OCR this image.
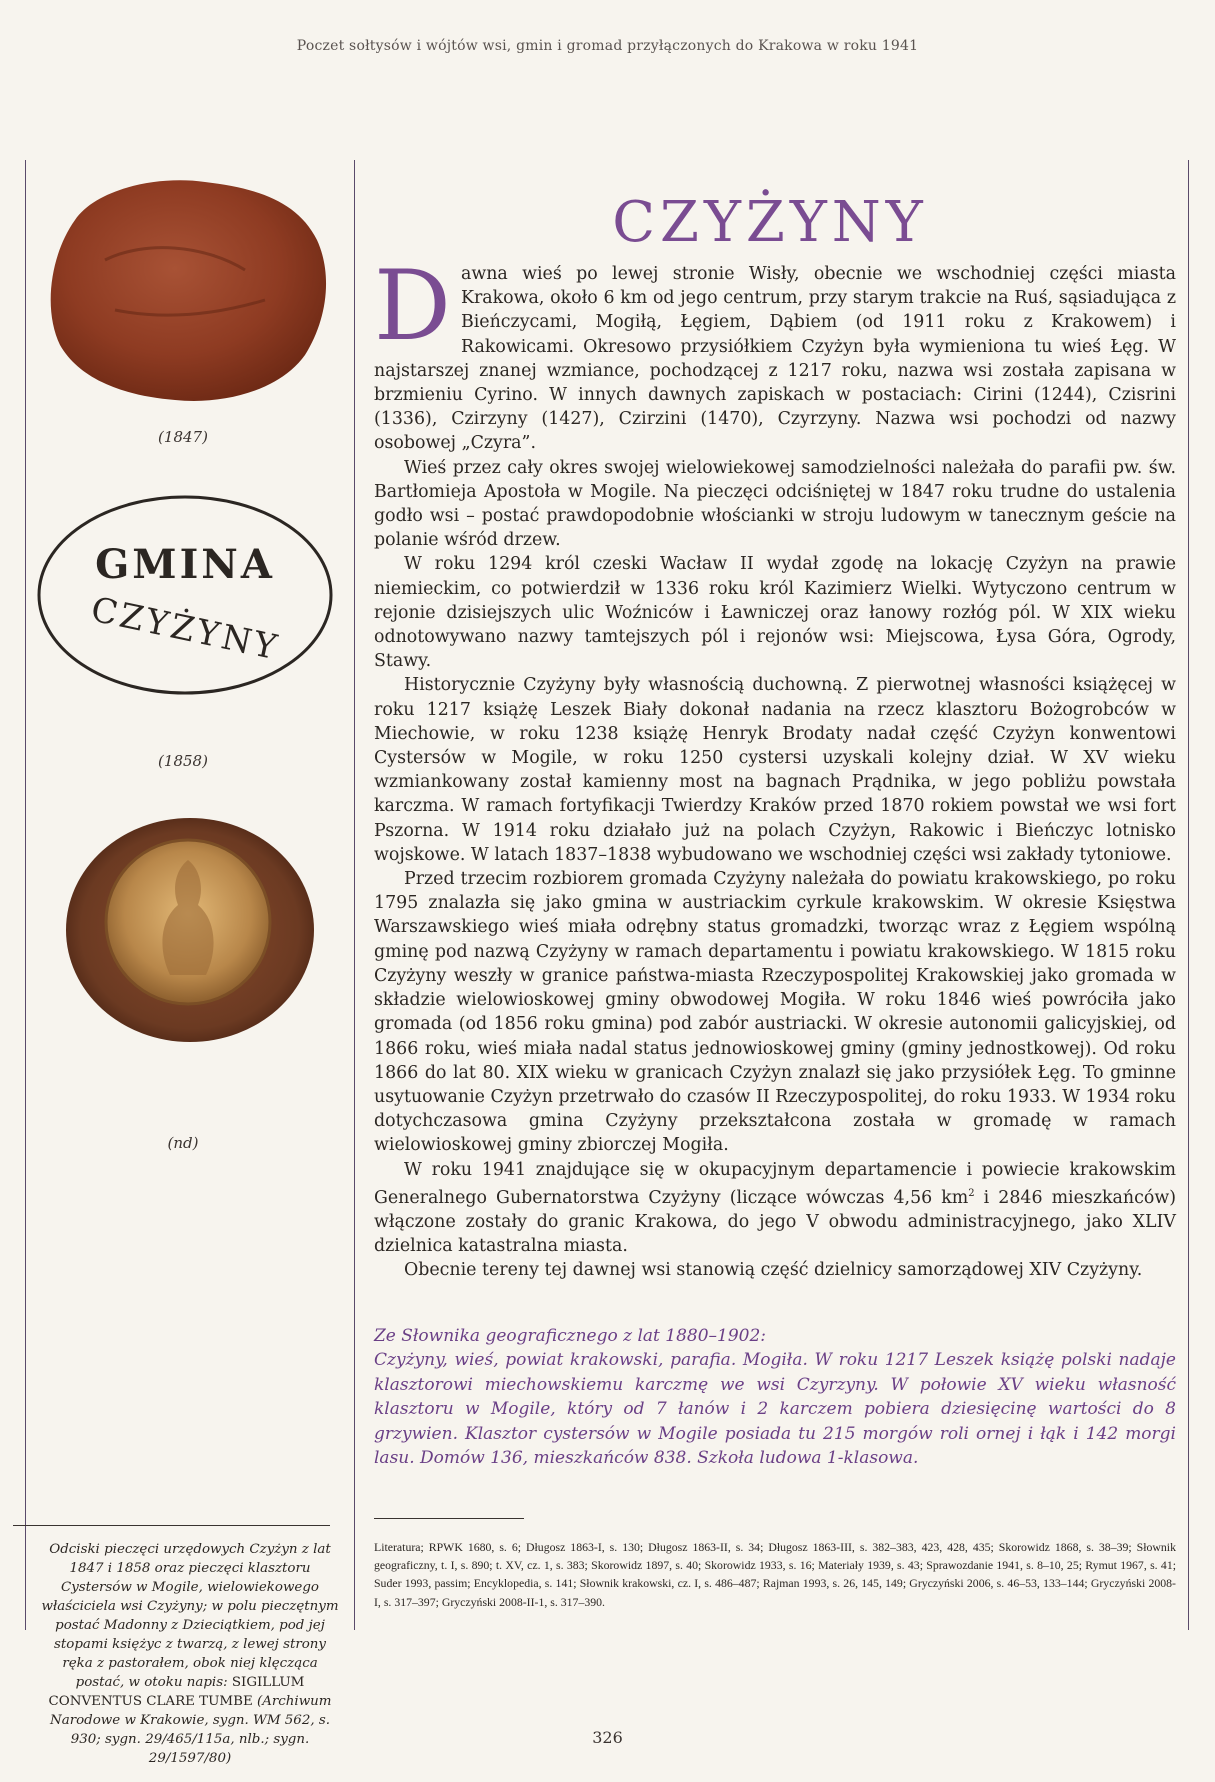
Poczet sołtysów i wójtów wsi, gmin i gromad przyłączonych do Krakowa w roku 1941
(1847)
GMINA
CZYŻYNY
(1858)
(nd)
Odciski pieczęci urzędowych Czyżyn z lat 1847 i 1858 oraz pieczęci klasztoru Cystersów w Mogile, wielowiekowego właściciela wsi Czyżyny; w polu pieczętnym postać Madonny z Dzieciątkiem, pod jej stopami księżyc z twarzą, z lewej strony ręka z pastorałem, obok niej klęcząca postać, w otoku napis: SIGILLUM CONVENTUS CLARE TUMBE (Archiwum Narodowe w Krakowie, sygn. WM 562, s. 930; sygn. 29/465/115a, nlb.; sygn. 29/1597/80)
CZYŻYNY

Dawna wieś po lewej stronie Wisły, obecnie we wschodniej części miasta Krakowa, około 6 km od jego centrum, przy starym trakcie na Ruś, sąsiadująca z Bieńczycami, Mogiłą, Łęgiem, Dąbiem (od 1911 roku z Krakowem) i Rakowicami. Okresowo przysiółkiem Czyżyn była wymieniona tu wieś Łęg. W najstarszej znanej wzmiance, pochodzącej z 1217 roku, nazwa wsi została zapisana w brzmieniu Cyrino. W innych dawnych zapiskach w postaciach: Cirini (1244), Czisrini (1336), Czirzyny (1427), Czirzini (1470), Czyrzyny. Nazwa wsi pochodzi od nazwy osobowej „Czyra”.

Wieś przez cały okres swojej wielowiekowej samodzielności należała do parafii pw. św. Bartłomieja Apostoła w Mogile. Na pieczęci odciśniętej w 1847 roku trudne do ustalenia godło wsi – postać prawdopodobnie włościanki w stroju ludowym w tanecznym geście na polanie wśród drzew.

W roku 1294 król czeski Wacław II wydał zgodę na lokację Czyżyn na prawie niemieckim, co potwierdził w 1336 roku król Kazimierz Wielki. Wytyczono centrum w rejonie dzisiejszych ulic Woźniców i Ławniczej oraz łanowy rozłóg pól. W XIX wieku odnotowywano nazwy tamtejszych pól i rejonów wsi: Miejscowa, Łysa Góra, Ogrody, Stawy.

Historycznie Czyżyny były własnością duchowną. Z pierwotnej własności książęcej w roku 1217 książę Leszek Biały dokonał nadania na rzecz klasztoru Bożogrobców w Miechowie, w roku 1238 książę Henryk Brodaty nadał część Czyżyn konwentowi Cystersów w Mogile, w roku 1250 cystersi uzyskali kolejny dział. W XV wieku wzmiankowany został kamienny most na bagnach Prądnika, w jego pobliżu powstała karczma. W ramach fortyfikacji Twierdzy Kraków przed 1870 rokiem powstał we wsi fort Pszorna. W 1914 roku działało już na polach Czyżyn, Rakowic i Bieńczyc lotnisko wojskowe. W latach 1837–1838 wybudowano we wschodniej części wsi zakłady tytoniowe.

Przed trzecim rozbiorem gromada Czyżyny należała do powiatu krakowskiego, po roku 1795 znalazła się jako gmina w austriackim cyrkule krakowskim. W okresie Księstwa Warszawskiego wieś miała odrębny status gromadzki, tworząc wraz z Łęgiem wspólną gminę pod nazwą Czyżyny w ramach departamentu i powiatu krakowskiego. W 1815 roku Czyżyny weszły w granice państwa-miasta Rzeczypospolitej Krakowskiej jako gromada w składzie wielowioskowej gminy obwodowej Mogiła. W roku 1846 wieś powróciła jako gromada (od 1856 roku gmina) pod zabór austriacki. W okresie autonomii galicyjskiej, od 1866 roku, wieś miała nadal status jednowioskowej gminy (gminy jednostkowej). Od roku 1866 do lat 80. XIX wieku w granicach Czyżyn znalazł się jako przysiółek Łęg. To gminne usytuowanie Czyżyn przetrwało do czasów II Rzeczypospolitej, do roku 1933. W 1934 roku dotychczasowa gmina Czyżyny przekształcona została w gromadę w ramach wielowioskowej gminy zbiorczej Mogiła.

W roku 1941 znajdujące się w okupacyjnym departamencie i powiecie krakowskim Generalnego Gubernatorstwa Czyżyny (liczące wówczas 4,56 $km^2$ i 2846 mieszkańców) włączone zostały do granic Krakowa, do jego V obwodu administracyjnego, jako XLIV dzielnica katastralna miasta.

Obecnie tereny tej dawnej wsi stanowią część dzielnicy samorządowej XIV Czyżyny.

Ze Słownika geograficznego z lat 1880–1902:

Czyżyny, wieś, powiat krakowski, parafia. Mogiła. W roku 1217 Leszek książę polski nadaje klasztorowi miechowskiemu karczmę we wsi Czyrzyny. W połowie XV wieku własność klasztoru w Mogile, który od 7 łanów i 2 karczem pobiera dziesięcinę wartości do 8 grzywien. Klasztor cystersów w Mogile posiada tu 215 morgów roli ornej i łąk i 142 morgi lasu. Domów 136, mieszkańców 838. Szkoła ludowa 1-klasowa.

Literatura; RPWK 1680, s. 6; Długosz 1863-I, s. 130; Długosz 1863-II, s. 34; Długosz 1863-III, s. 382–383, 423, 428, 435; Skorowidz 1868, s. 38–39; Słownik geograficzny, t. I, s. 890; t. XV, cz. 1, s. 383; Skorowidz 1897, s. 40; Skorowidz 1933, s. 16; Materiały 1939, s. 43; Sprawozdanie 1941, s. 8–10, 25; Rymut 1967, s. 41; Suder 1993, passim; Encyklopedia, s. 141; Słownik krakowski, cz. I, s. 486–487; Rajman 1993, s. 26, 145, 149; Gryczyński 2006, s. 46–53, 133–144; Gryczyński 2008-I, s. 317–397; Gryczyński 2008-II-1, s. 317–390.
326
